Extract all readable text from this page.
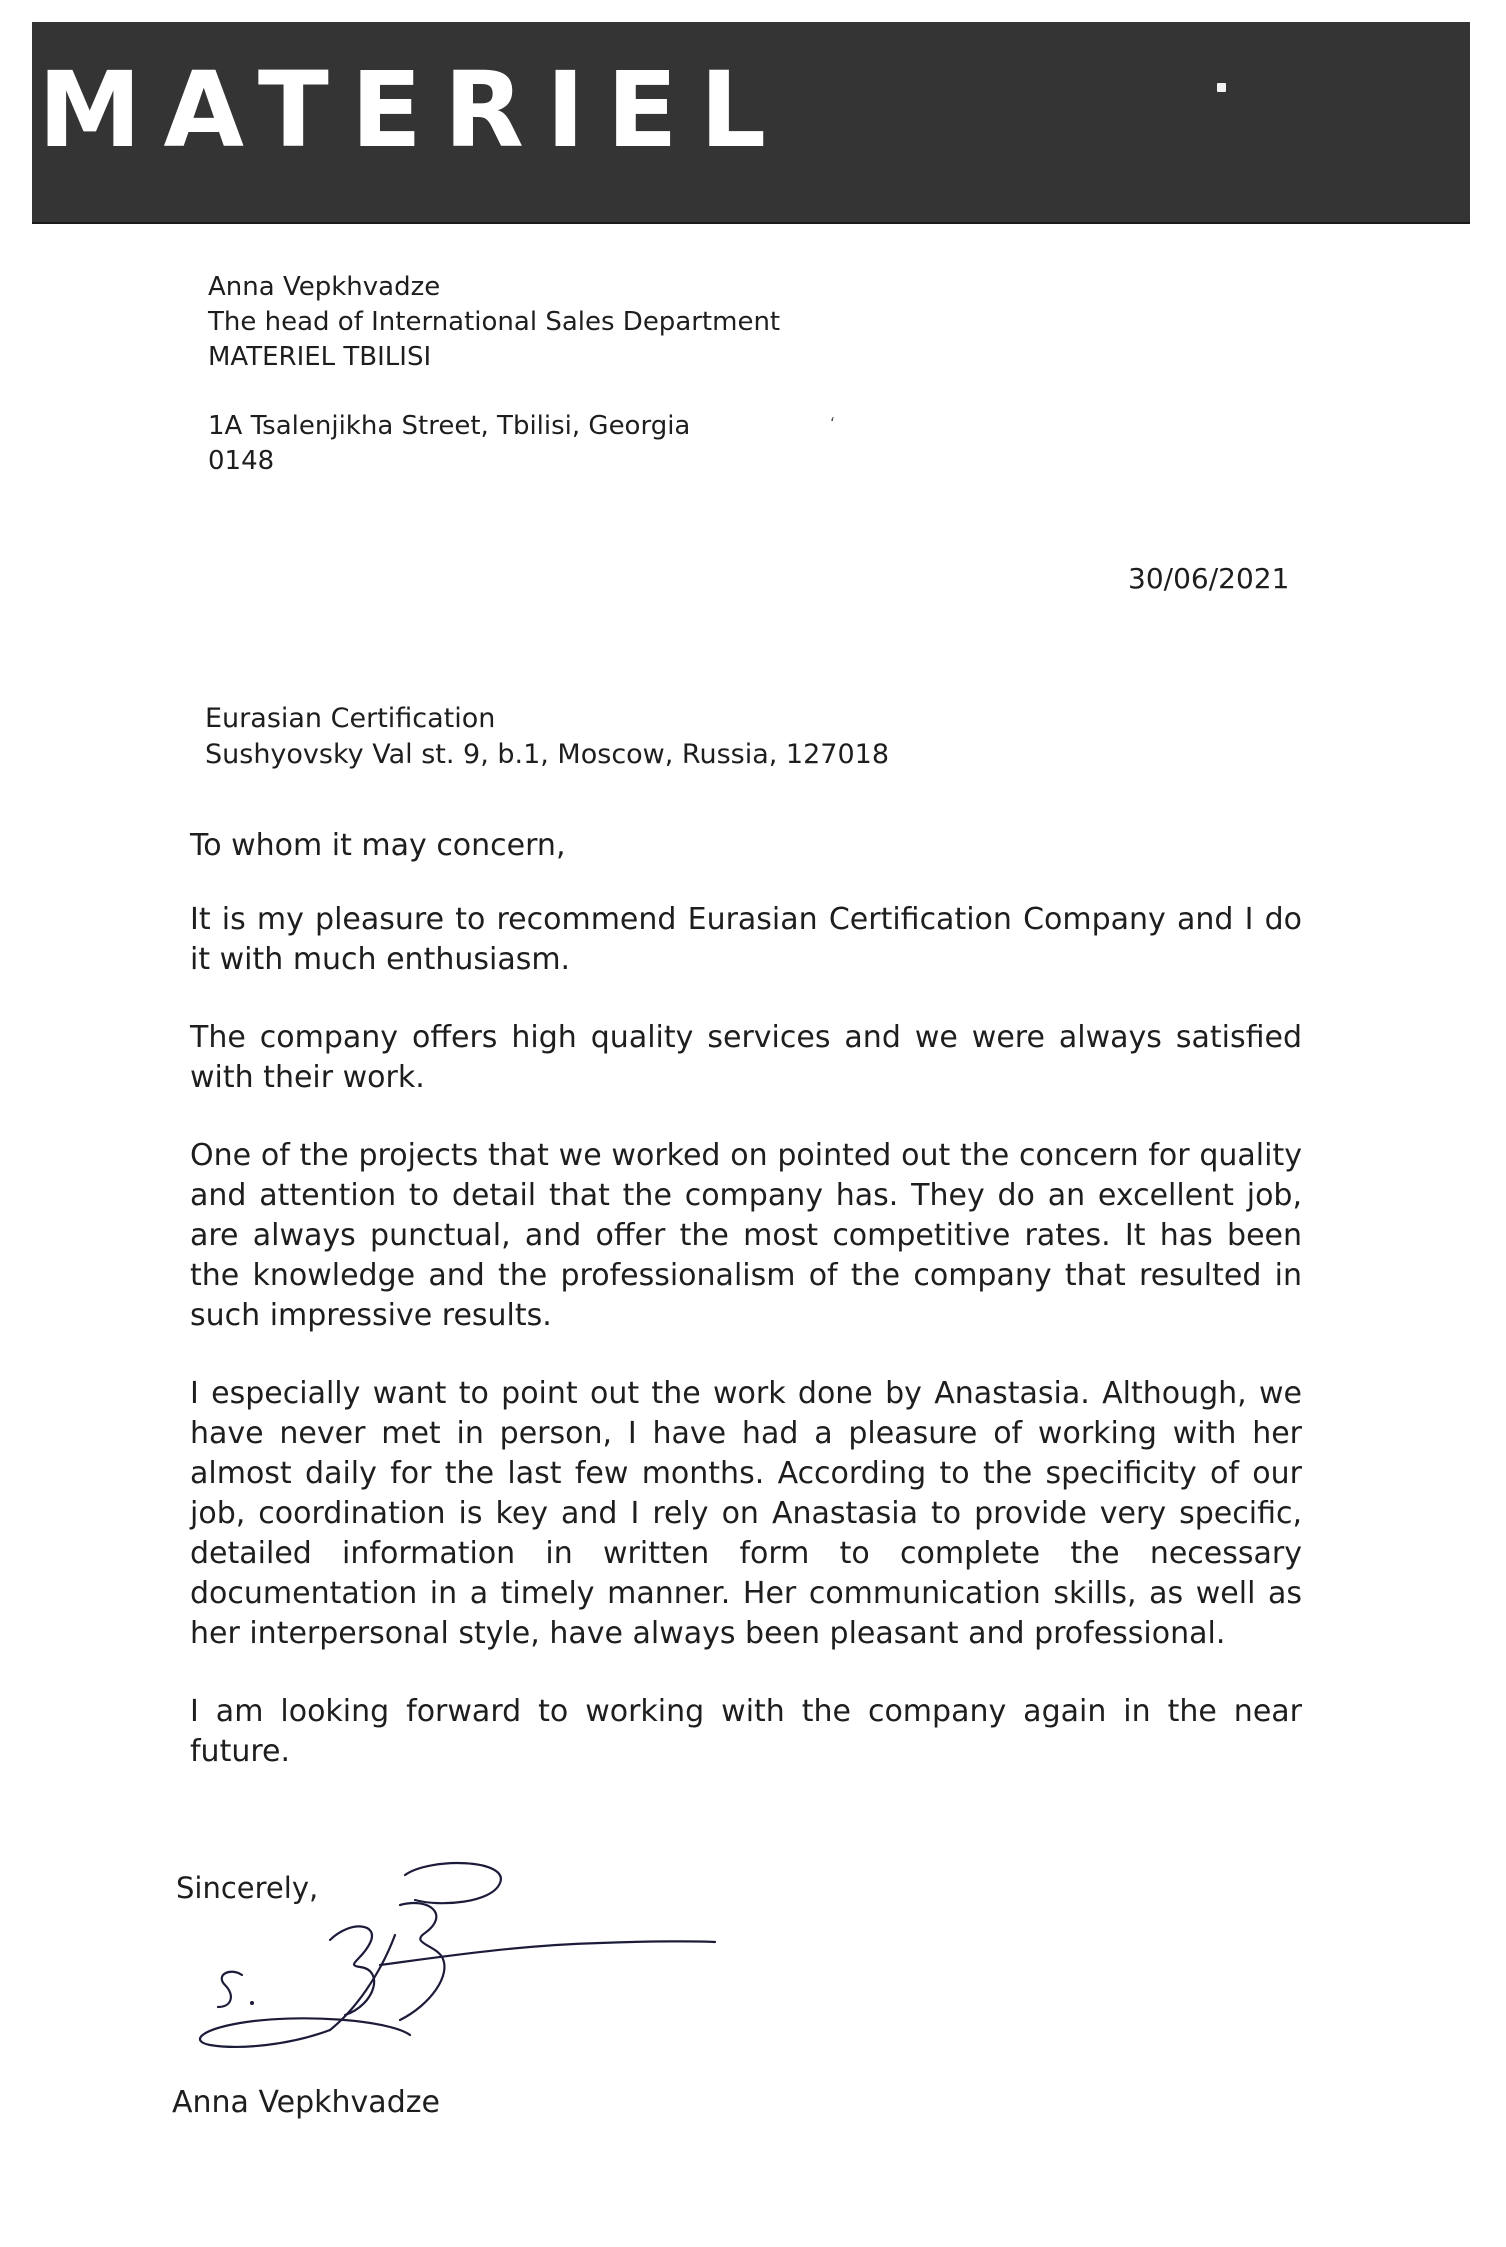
MATERIEL
Anna Vepkhvadze
The head of International Sales Department
MATERIEL TBILISI
1A Tsalenjikha Street, Tbilisi, Georgia
0148
ʻ
30/06/2021
Eurasian Certification
Sushyovsky Val st. 9, b.1, Moscow, Russia, 127018

To whom it may concern,

It is my pleasure to recommend Eurasian Certification Company and I do it with much enthusiasm.

The company offers high quality services and we were always satisfied with their work.

One of the projects that we worked on pointed out the concern for quality and attention to detail that the company has. They do an excellent job, are always punctual, and offer the most competitive rates. It has been the knowledge and the professionalism of the company that resulted in such impressive results.

I especially want to point out the work done by Anastasia. Although, we have never met in person, I have had a pleasure of working with her almost daily for the last few months. According to the specificity of our job, coordination is key and I rely on Anastasia to provide very specific, detailed information in written form to complete the necessary documentation in a timely manner. Her communication skills, as well as her interpersonal style, have always been pleasant and professional.

I am looking forward to working with the company again in the near future.

Sincerely,
Anna Vepkhvadze
